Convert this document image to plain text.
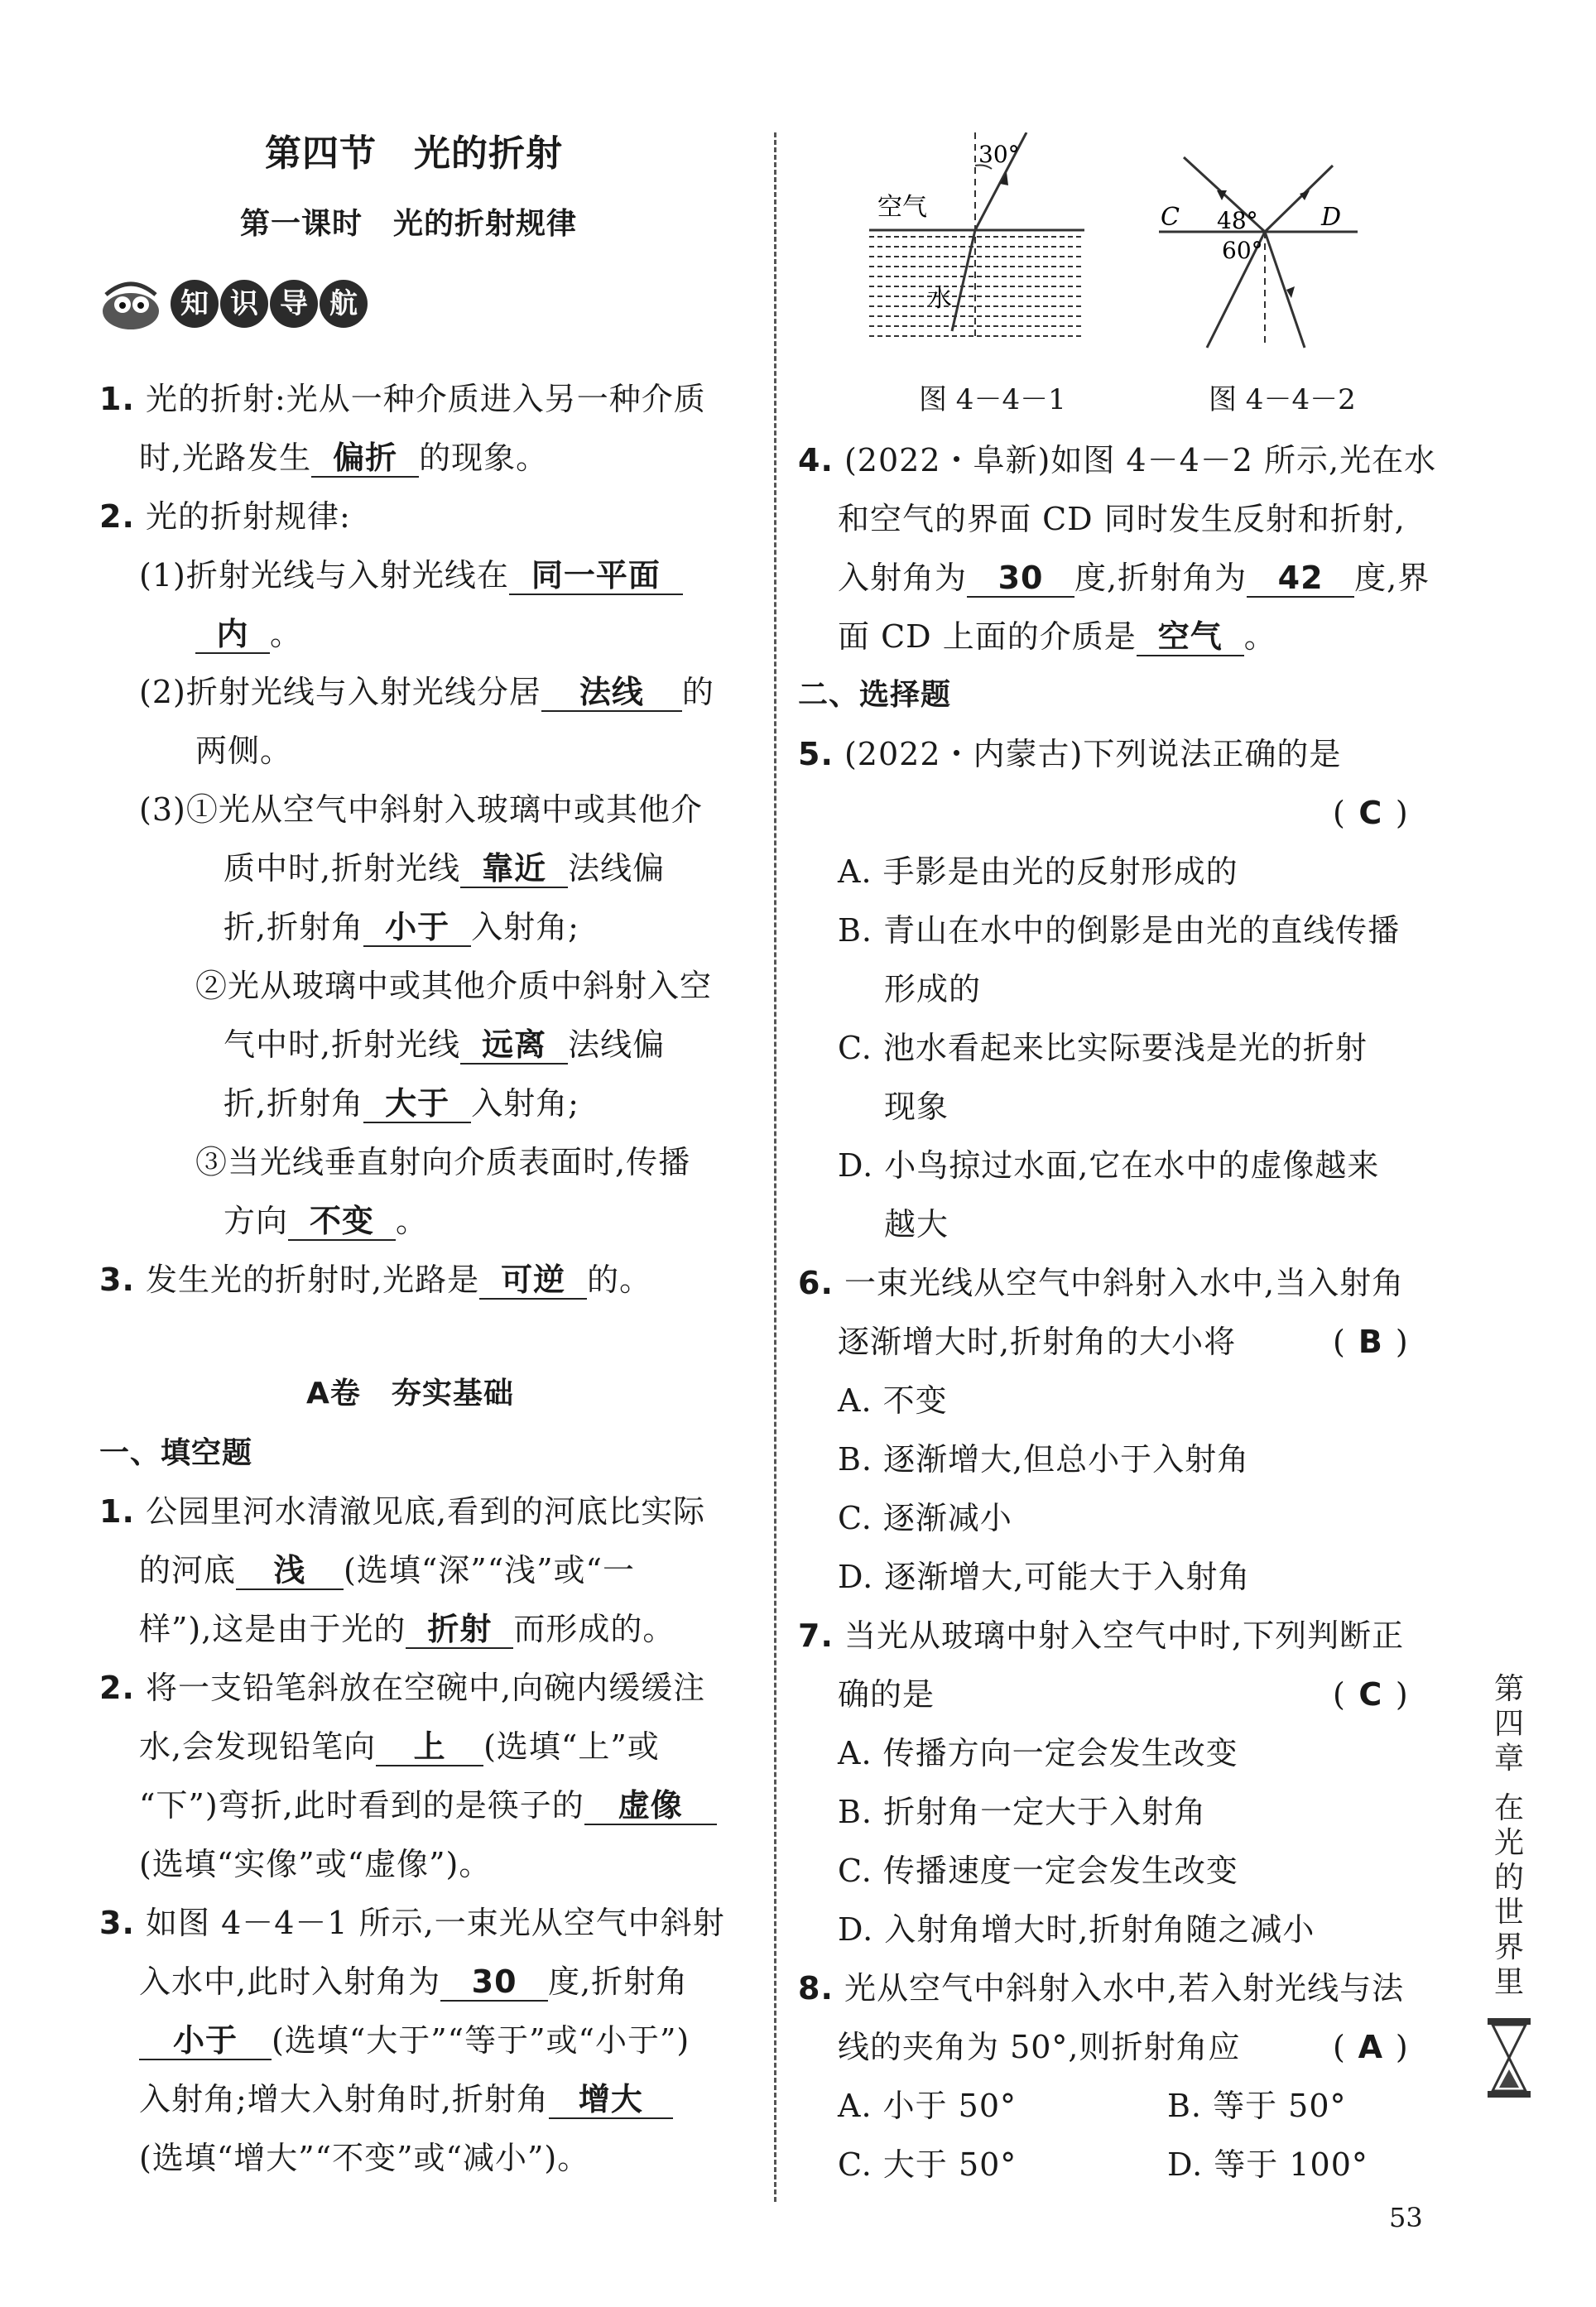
第四节　光的折射
第一课时　光的折射规律
知 识 导 航
1. 光的折射:光从一种介质进入另一种介质
时,光路发生 偏折 的现象。
2. 光的折射规律:
(1)折射光线与入射光线在 同一平面
内 。
(2)折射光线与入射光线分居 法线 的
两侧。
(3)①光从空气中斜射入玻璃中或其他介
质中时,折射光线 靠近 法线偏
折,折射角 小于 入射角;
②光从玻璃中或其他介质中斜射入空
气中时,折射光线 远离 法线偏
折,折射角 大于 入射角;
③当光线垂直射向介质表面时,传播
方向 不变 。
3. 发生光的折射时,光路是 可逆 的。
A卷　夯实基础
一、填空题
1. 公园里河水清澈见底,看到的河底比实际
的河底 浅 (选填“深”“浅”或“一
样”),这是由于光的 折射 而形成的。
2. 将一支铅笔斜放在空碗中,向碗内缓缓注
水,会发现铅笔向 上 (选填“上”或
“下”)弯折,此时看到的是筷子的 虚像
(选填“实像”或“虚像”)。
3. 如图 4－4－1 所示,一束光从空气中斜射
入水中,此时入射角为 30 度,折射角
小于 (选填“大于”“等于”或“小于”)
入射角;增大入射角时,折射角 增大
(选填“增大”“不变”或“减小”)。
30°
空气
水
图 4－4－1
C 48°	D
60°
图 4－4－2
4. (2022・阜新)如图 4－4－2 所示,光在水
和空气的界面 CD 同时发生反射和折射,
入射角为 30 度,折射角为 42 度,界
面 CD 上面的介质是 空气 。
二、选择题
5. (2022・内蒙古)下列说法正确的是
( C )
A. 手影是由光的反射形成的
B. 青山在水中的倒影是由光的直线传播
形成的
C. 池水看起来比实际要浅是光的折射
现象
D. 小鸟掠过水面,它在水中的虚像越来
越大
6. 一束光线从空气中斜射入水中,当入射角
逐渐增大时,折射角的大小将	( B )
A. 不变
B. 逐渐增大,但总小于入射角
C. 逐渐减小
D. 逐渐增大,可能大于入射角
7. 当光从玻璃中射入空气中时,下列判断正
确的是	( C )
A. 传播方向一定会发生改变
B. 折射角一定大于入射角
C. 传播速度一定会发生改变
D. 入射角增大时,折射角随之减小
8. 光从空气中斜射入水中,若入射光线与法
线的夹角为 50°,则折射角应	( A )
A. 小于 50°	B. 等于 50°
C. 大于 50°	D. 等于 100°
第
四
章
在
光
的
世
界
里
53
